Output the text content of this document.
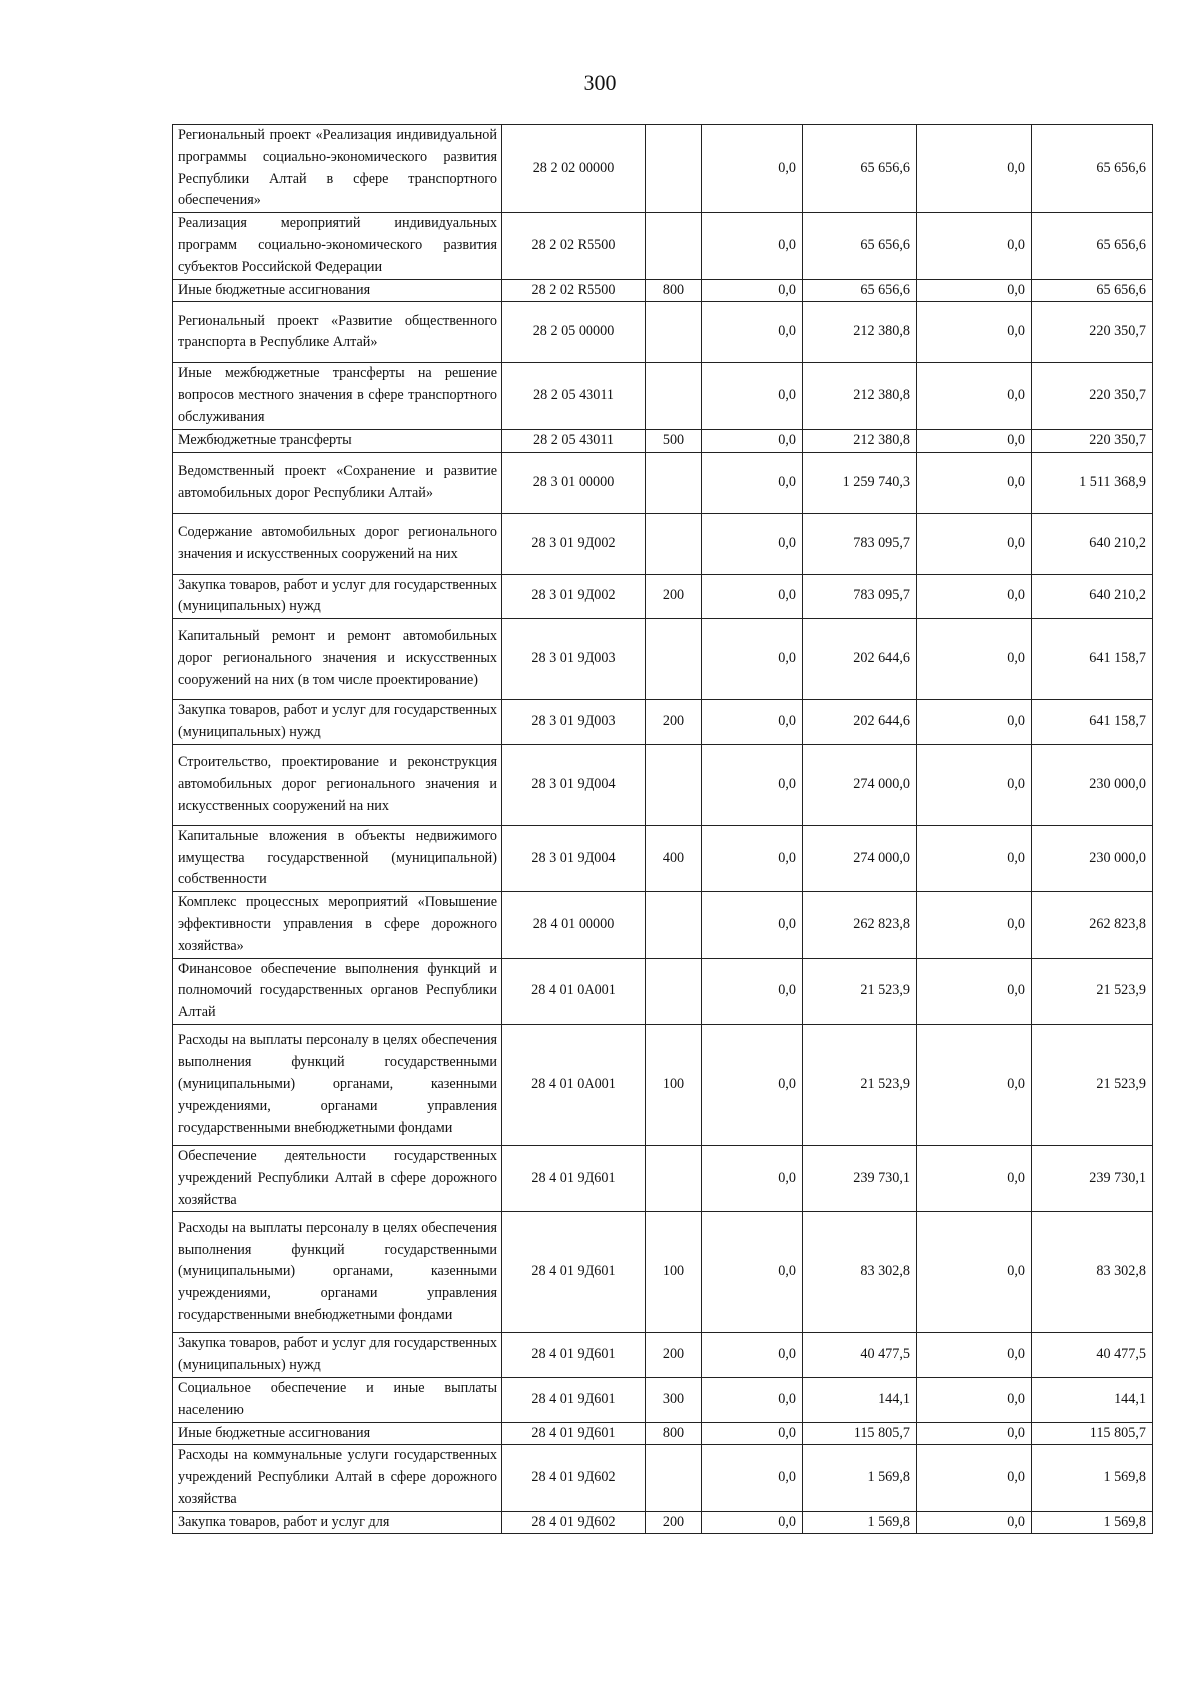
300
Региональный проект «Реализация индивидуальной программы социально-экономического развития Республики Алтай в сфере транспортного обеспечения»	28 2 02 00000		0,0	65 656,6	0,0	65 656,6
Реализация мероприятий индивидуальных программ социально-экономического развития субъектов Российской Федерации	28 2 02 R5500		0,0	65 656,6	0,0	65 656,6
Иные бюджетные ассигнования	28 2 02 R5500	800	0,0	65 656,6	0,0	65 656,6
Региональный проект «Развитие общественного транспорта в Республике Алтай»	28 2 05 00000		0,0	212 380,8	0,0	220 350,7
Иные межбюджетные трансферты на решение вопросов местного значения в сфере транспортного обслуживания	28 2 05 43011		0,0	212 380,8	0,0	220 350,7
Межбюджетные трансферты	28 2 05 43011	500	0,0	212 380,8	0,0	220 350,7
Ведомственный проект «Сохранение и развитие автомобильных дорог Республики Алтай»	28 3 01 00000		0,0	1 259 740,3	0,0	1 511 368,9
Содержание автомобильных дорог регионального значения и искусственных сооружений на них	28 3 01 9Д002		0,0	783 095,7	0,0	640 210,2
Закупка товаров, работ и услуг для государственных (муниципальных) нужд	28 3 01 9Д002	200	0,0	783 095,7	0,0	640 210,2
Капитальный ремонт и ремонт автомобильных дорог регионального значения и искусственных сооружений на них (в том числе проектирование)	28 3 01 9Д003		0,0	202 644,6	0,0	641 158,7
Закупка товаров, работ и услуг для государственных (муниципальных) нужд	28 3 01 9Д003	200	0,0	202 644,6	0,0	641 158,7
Строительство, проектирование и реконструкция автомобильных дорог регионального значения и искусственных сооружений на них	28 3 01 9Д004		0,0	274 000,0	0,0	230 000,0
Капитальные вложения в объекты недвижимого имущества государственной (муниципальной) собственности	28 3 01 9Д004	400	0,0	274 000,0	0,0	230 000,0
Комплекс процессных мероприятий «Повышение эффективности управления в сфере дорожного хозяйства»	28 4 01 00000		0,0	262 823,8	0,0	262 823,8
Финансовое обеспечение выполнения функций и полномочий государственных органов Республики Алтай	28 4 01 0А001		0,0	21 523,9	0,0	21 523,9
Расходы на выплаты персоналу в целях обеспечения выполнения функций государственными (муниципальными) органами, казенными учреждениями, органами управления государственными внебюджетными фондами	28 4 01 0А001	100	0,0	21 523,9	0,0	21 523,9
Обеспечение деятельности государственных учреждений Республики Алтай в сфере дорожного хозяйства	28 4 01 9Д601		0,0	239 730,1	0,0	239 730,1
Расходы на выплаты персоналу в целях обеспечения выполнения функций государственными (муниципальными) органами, казенными учреждениями, органами управления государственными внебюджетными фондами	28 4 01 9Д601	100	0,0	83 302,8	0,0	83 302,8
Закупка товаров, работ и услуг для государственных (муниципальных) нужд	28 4 01 9Д601	200	0,0	40 477,5	0,0	40 477,5
Социальное обеспечение и иные выплаты населению	28 4 01 9Д601	300	0,0	144,1	0,0	144,1
Иные бюджетные ассигнования	28 4 01 9Д601	800	0,0	115 805,7	0,0	115 805,7
Расходы на коммунальные услуги государственных учреждений Республики Алтай в сфере дорожного хозяйства	28 4 01 9Д602		0,0	1 569,8	0,0	1 569,8
Закупка товаров, работ и услуг для	28 4 01 9Д602	200	0,0	1 569,8	0,0	1 569,8
